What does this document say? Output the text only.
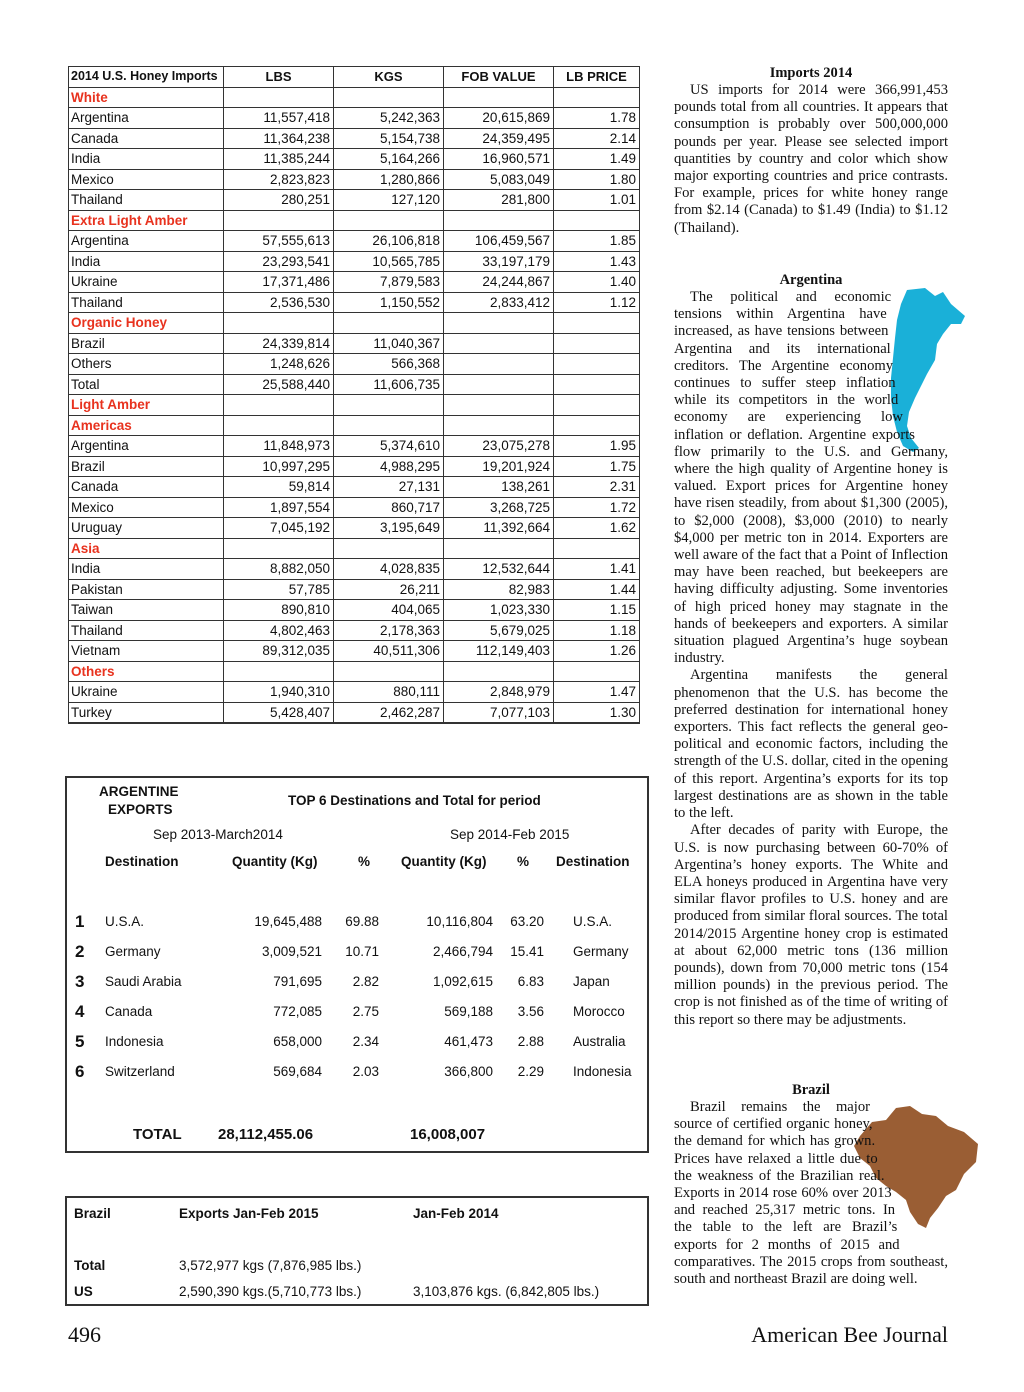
2014 U.S. Honey Imports	LBS	KGS	FOB VALUE	LB PRICE
White				
Argentina	11,557,418	5,242,363	20,615,869	1.78
Canada	11,364,238	5,154,738	24,359,495	2.14
India	11,385,244	5,164,266	16,960,571	1.49
Mexico	2,823,823	1,280,866	5,083,049	1.80
Thailand	280,251	127,120	281,800	1.01
Extra Light Amber				
Argentina	57,555,613	26,106,818	106,459,567	1.85
India	23,293,541	10,565,785	33,197,179	1.43
Ukraine	17,371,486	7,879,583	24,244,867	1.40
Thailand	2,536,530	1,150,552	2,833,412	1.12
Organic Honey				
Brazil	24,339,814	11,040,367		
Others	1,248,626	566,368		
Total	25,588,440	11,606,735		
Light Amber				
Americas				
Argentina	11,848,973	5,374,610	23,075,278	1.95
Brazil	10,997,295	4,988,295	19,201,924	1.75
Canada	59,814	27,131	138,261	2.31
Mexico	1,897,554	860,717	3,268,725	1.72
Uruguay	7,045,192	3,195,649	11,392,664	1.62
Asia				
India	8,882,050	4,028,835	12,532,644	1.41
Pakistan	57,785	26,211	82,983	1.44
Taiwan	890,810	404,065	1,023,330	1.15
Thailand	4,802,463	2,178,363	5,679,025	1.18
Vietnam	89,312,035	40,511,306	112,149,403	1.26
Others				
Ukraine	1,940,310	880,111	2,848,979	1.47
Turkey	5,428,407	2,462,287	7,077,103	1.30
ARGENTINE
EXPORTS
TOP 6 Destinations and Total for period
Sep 2013-March2014	Sep 2014-Feb 2015
Destination	Quantity (Kg)	% Quantity (Kg) % Destination
1 U.S.A.	19,645,488 69.88	10,116,804 63.20 U.S.A.
2 Germany	3,009,521 10.71	2,466,794 15.41 Germany
3 Saudi Arabia	791,695 2.82	1,092,615 6.83 Japan
4 Canada	772,085 2.75	569,188 3.56 Morocco
5 Indonesia	658,000 2.34	461,473 2.88 Australia
6 Switzerland	569,684 2.03	366,800 2.29 Indonesia
TOTAL 28,112,455.06	16,008,007
Brazil	Exports Jan-Feb 2015	Jan-Feb 2014
Total	3,572,977 kgs (7,876,985 lbs.)
US	2,590,390 kgs.(5,710,773 lbs.)	3,103,876 kgs. (6,842,805 lbs.)
Imports 2014

US imports for 2014 were 366,991,453 pounds total from all countries. It appears that consumption is probably over 500,000,000 pounds per year. Please see selected import quantities by country and color which show major exporting countries and price contrasts. For example, prices for white honey range from $2.14 (Canada) to $1.49 (India) to $1.12 (Thailand).

Argentina

The political and economic tensions within Argentina have increased, as have tensions between Argentina and its international creditors. The Argentine economy continues to suffer steep inflation while its competitors in the world economy are experiencing low inflation or deflation. Argentine exports flow primarily to the U.S. and Germany, where the high quality of Argentine honey is valued. Export prices for Argentine honey have risen steadily, from about $1,300 (2005), to $2,000 (2008), $3,000 (2010) to nearly $4,000 per metric ton in 2014. Exporters are well aware of the fact that a Point of Inflection may have been reached, but beekeepers are having difficulty adjusting. Some inventories of high priced honey may stagnate in the hands of beekeepers and exporters. A similar situation plagued Argentina’s huge soybean industry.

Argentina manifests the general phenomenon that the U.S. has become the preferred destination for international honey exporters. This fact reflects the general geo-political and economic factors, including the strength of the U.S. dollar, cited in the opening of this report. Argentina’s exports for its top largest destinations are as shown in the table to the left.

After decades of parity with Europe, the U.S. is now purchasing between 60-70% of Argentina’s honey exports. The White and ELA honeys produced in Argentina have very similar flavor profiles to U.S. honey and are produced from similar floral sources. The total 2014/2015 Argentine honey crop is estimated at about 62,000 metric tons (136 million pounds), down from 70,000 metric tons (154 million pounds) in the previous period. The crop is not finished as of the time of writing of this report so there may be adjustments.

Brazil

Brazil remains the major source of certified organic honey, the demand for which has grown. Prices have relaxed a little due to the weakness of the Brazilian real. Exports in 2014 rose 60% over 2013 and reached 25,317 metric tons. In the table to the left are Brazil’s exports for 2 months of 2015 and comparatives. The 2015 crops from southeast, south and northeast Brazil are doing well.

496	American Bee Journal
